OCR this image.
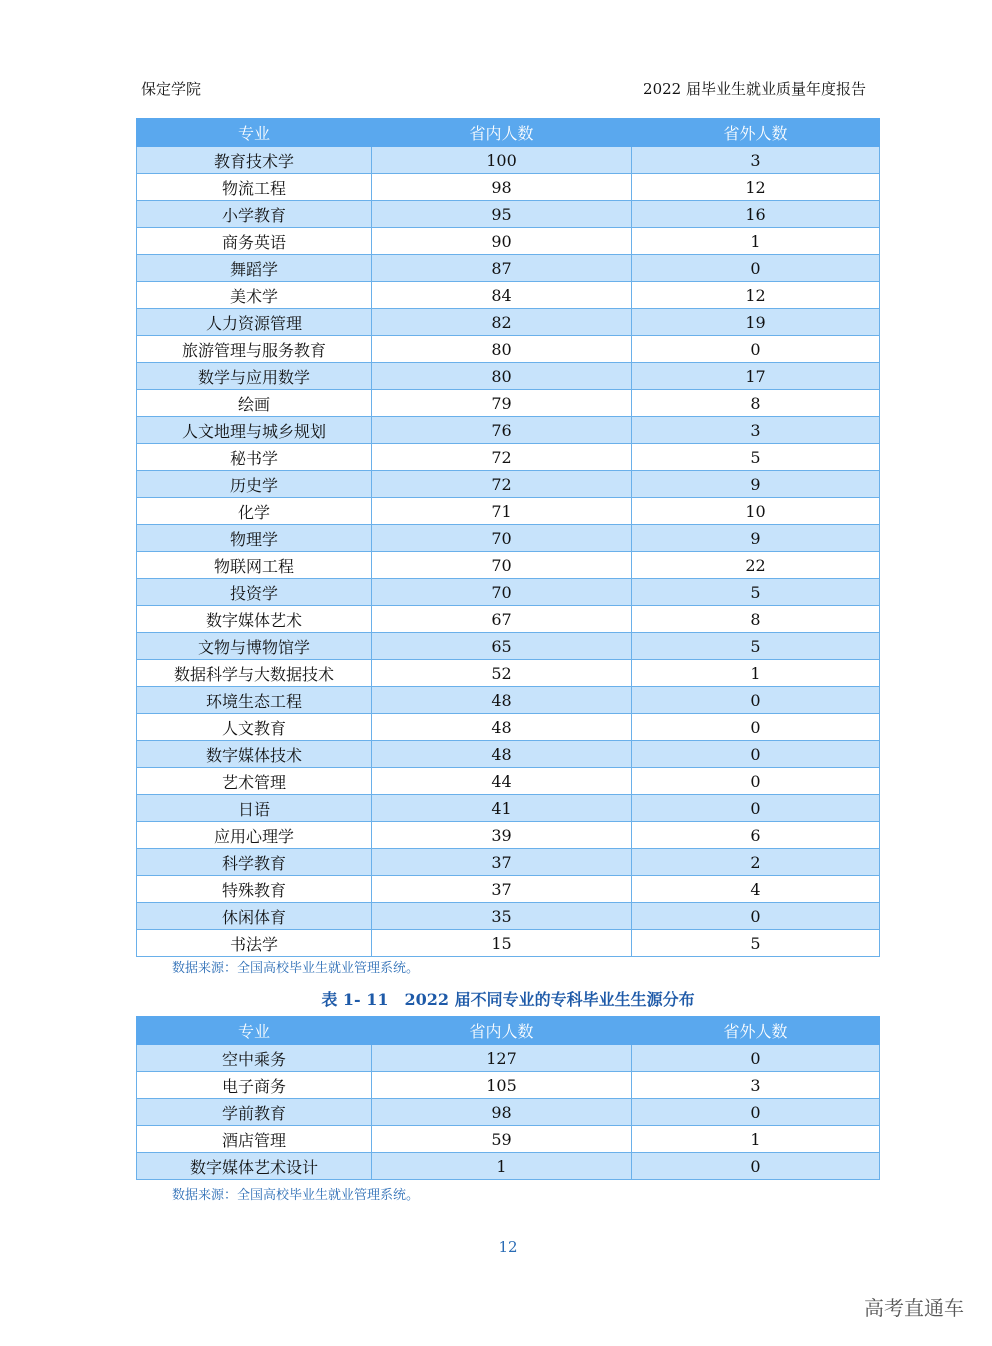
保定学院	2022 届毕业生就业质量年度报告
专业	省内人数	省外人数
教育技术学	100	3
物流工程	98	12
小学教育	95	16
商务英语	90	1
舞蹈学	87	0
美术学	84	12
人力资源管理	82	19
旅游管理与服务教育	80	0
数学与应用数学	80	17
绘画	79	8
人文地理与城乡规划	76	3
秘书学	72	5
历史学	72	9
化学	71	10
物理学	70	9
物联网工程	70	22
投资学	70	5
数字媒体艺术	67	8
文物与博物馆学	65	5
数据科学与大数据技术	52	1
环境生态工程	48	0
人文教育	48	0
数字媒体技术	48	0
艺术管理	44	0
日语	41	0
应用心理学	39	6
科学教育	37	2
特殊教育	37	4
休闲体育	35	0
书法学	15	5
数据来源：全国高校毕业生就业管理系统。
表 1- 11　2022 届不同专业的专科毕业生生源分布
专业	省内人数	省外人数
空中乘务	127	0
电子商务	105	3
学前教育	98	0
酒店管理	59	1
数字媒体艺术设计	1	0
数据来源：全国高校毕业生就业管理系统。
12
高考直通车
